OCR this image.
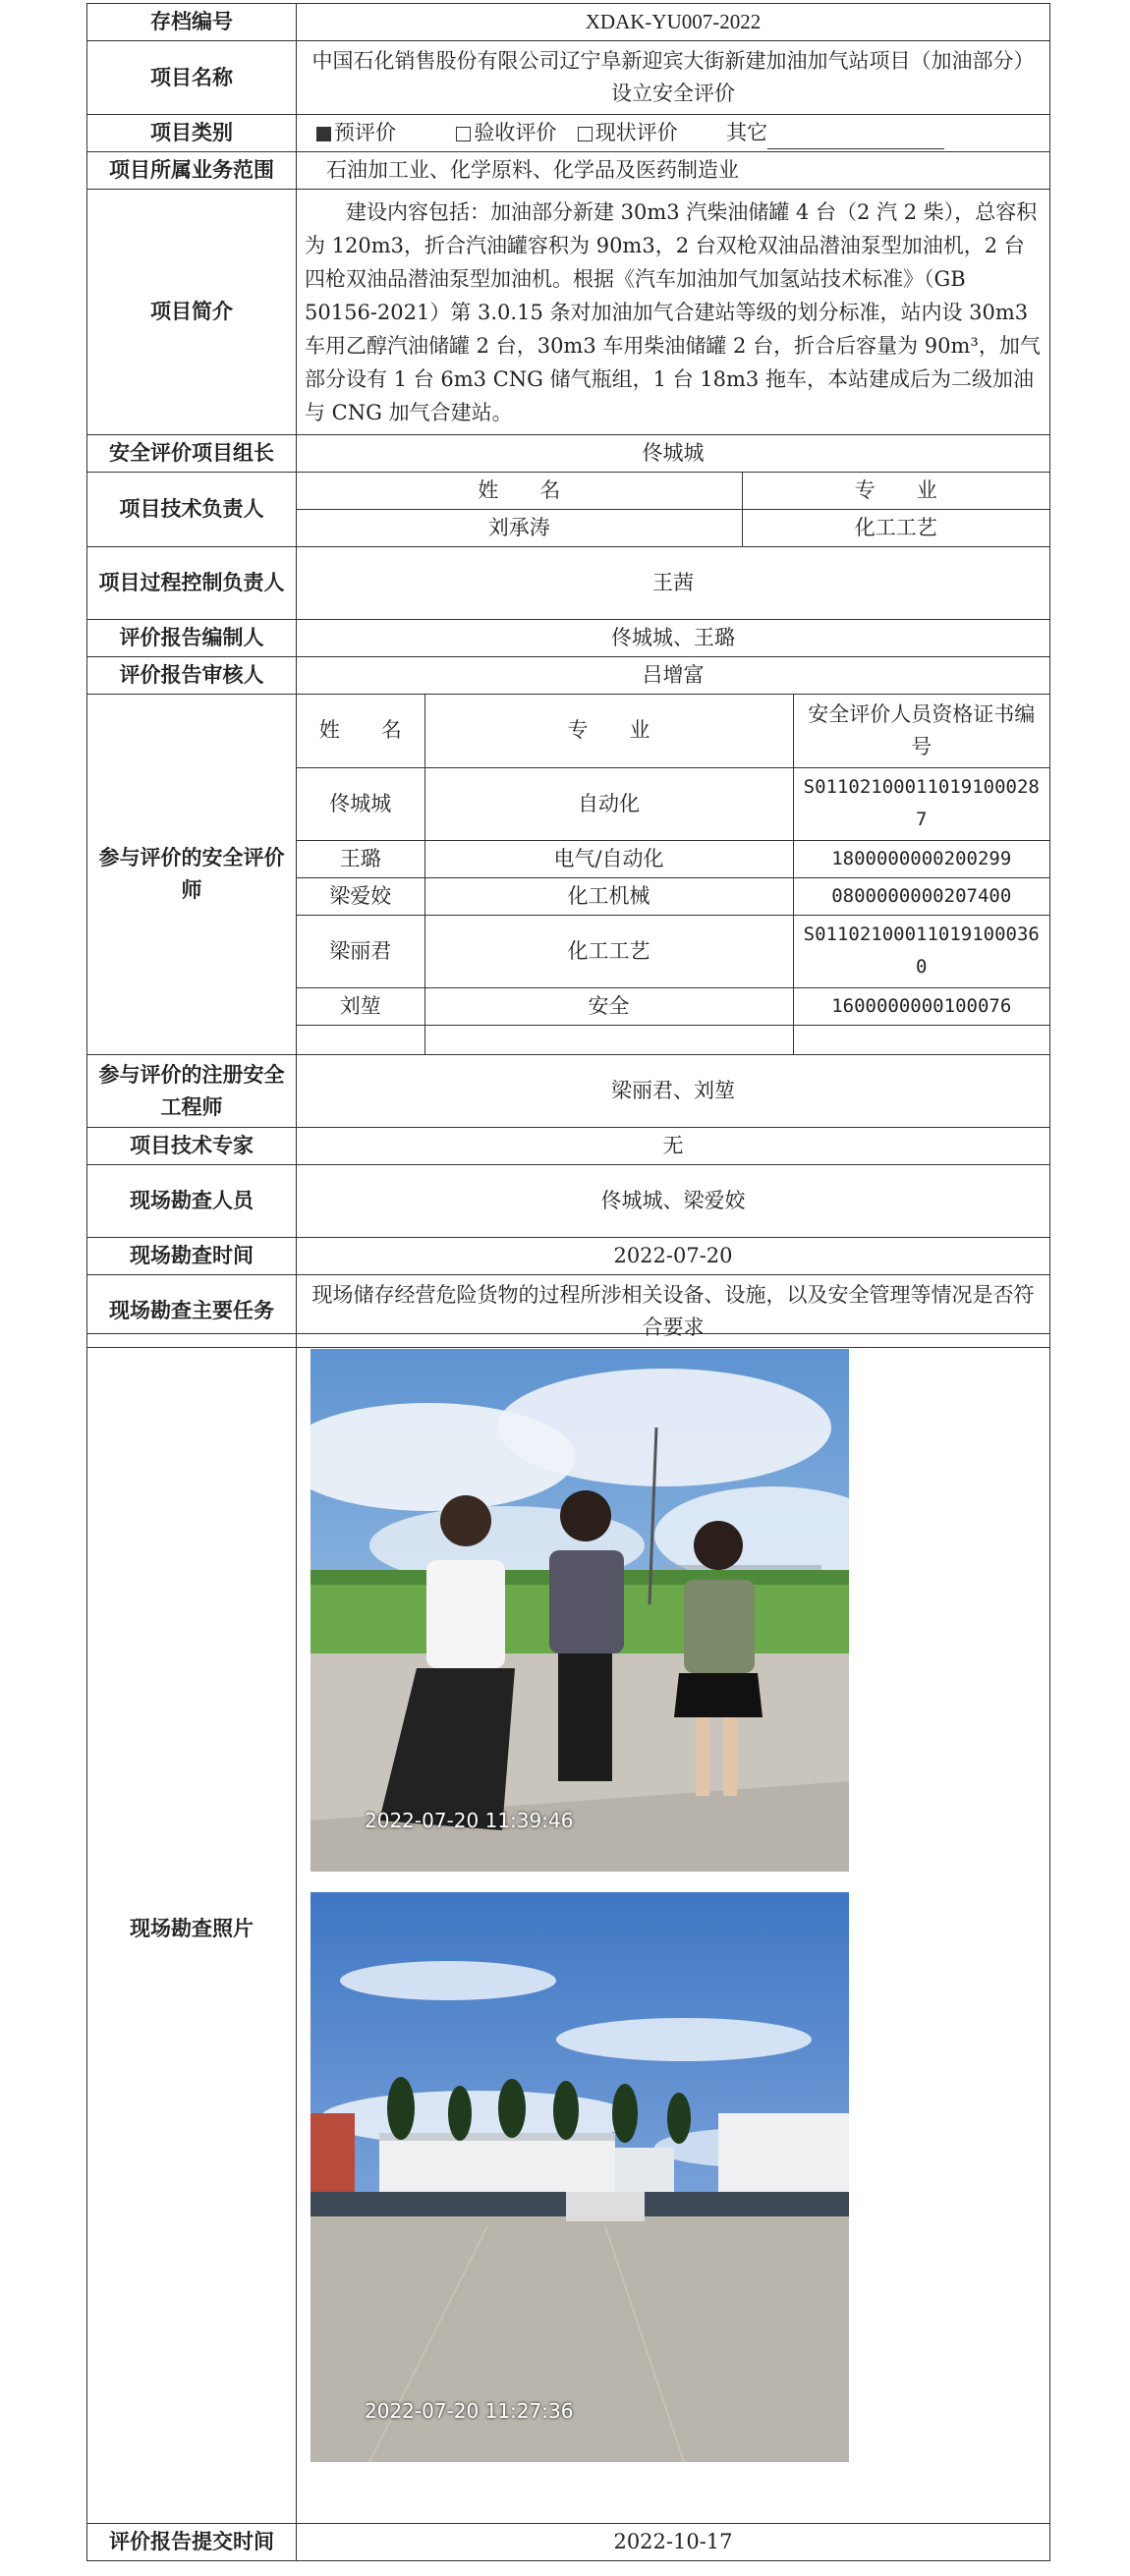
存档编号	XDAK-YU007-2022
项目名称	中国石化销售股份有限公司辽宁阜新迎宾大街新建加油加气站项目（加油部分）设立安全评价
项目类别	预评价	验收评价 现状评价 其它
项目所属业务范围	石油加工业、化学原料、化学品及医药制造业
项目简介	建设内容包括：加油部分新建 30m3 汽柴油储罐 4 台（2 汽 2 柴），总容积为 120m3，折合汽油罐容积为 90m3，2 台双枪双油品潜油泵型加油机，2 台四枪双油品潜油泵型加油机。根据《汽车加油加气加氢站技术标准》（GB 50156-2021）第 3.0.15 条对加油加气合建站等级的划分标准，站内设 30m3 车用乙醇汽油储罐 2 台，30m3 车用柴油储罐 2 台，折合后容量为 90m³，加气部分设有 1 台 6m3 CNG 储气瓶组，1 台 18m3 拖车，本站建成后为二级加油与 CNG 加气合建站。
安全评价项目组长	佟城城
项目技术负责人	
姓　　名	专　　业
刘承涛	化工工艺

项目过程控制负责人	王茜
评价报告编制人	佟城城、王璐
评价报告审核人	吕增富
参与评价的安全评价师	
姓　　名	专　　业	安全评价人员资格证书编号
佟城城	自动化	S011021000110191000287
王璐	电气/自动化	1800000000200299
梁爱姣	化工机械	0800000000207400
梁丽君	化工工艺	S011021000110191000360
刘堃	安全	1600000000100076

参与评价的注册安全工程师	梁丽君、刘堃
项目技术专家	无
现场勘查人员	佟城城、梁爱姣
现场勘查时间	2022-07-20
现场勘查主要任务	现场储存经营危险货物的过程所涉相关设备、设施，以及安全管理等情况是否符合要求
现场勘查照片	
评价报告提交时间	2022-10-17
2022-07-20 11:39:46
2022-07-20 11:27:36
